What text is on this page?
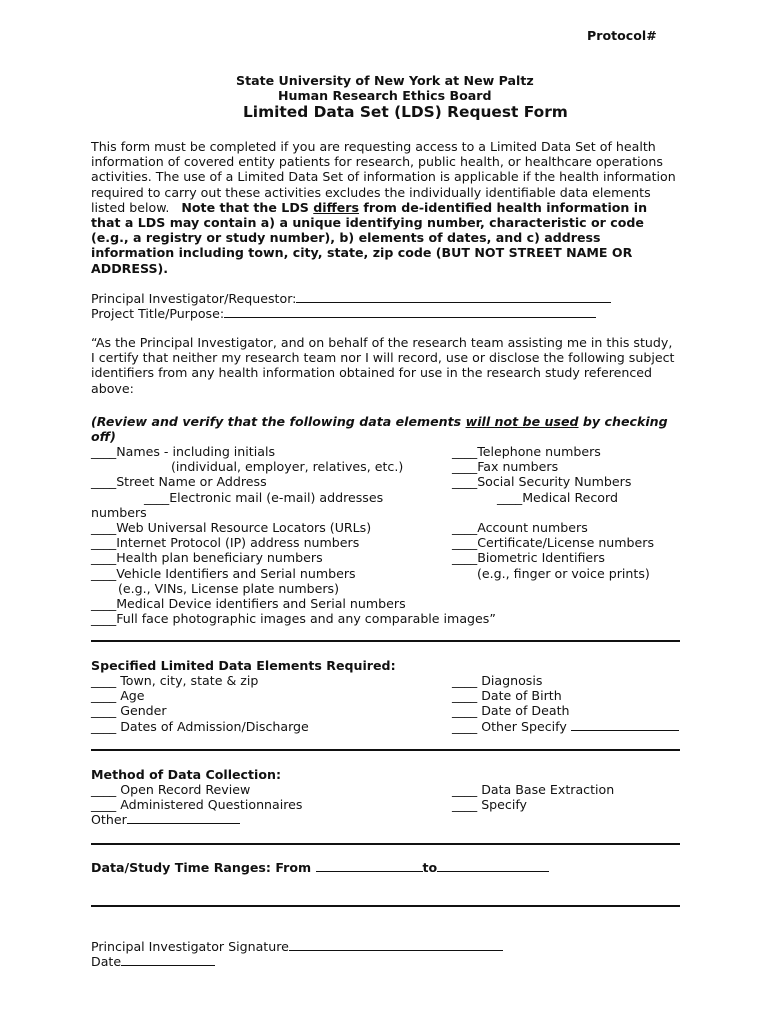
Protocol#
State University of New York at New Paltz
Human Research Ethics Board
Limited Data Set (LDS) Request Form
This form must be completed if you are requesting access to a Limited Data Set of health
information of covered entity patients for research, public health, or healthcare operations
activities. The use of a Limited Data Set of information is applicable if the health information
required to carry out these activities excludes the individually identifiable data elements
listed below. Note that the LDS differs from de-identified health information in
that a LDS may contain a) a unique identifying number, characteristic or code
(e.g., a registry or study number), b) elements of dates, and c) address
information including town, city, state, zip code (BUT NOT STREET NAME OR
ADDRESS).
Principal Investigator/Requestor:
Project Title/Purpose:
“As the Principal Investigator, and on behalf of the research team assisting me in this study,
I certify that neither my research team nor I will record, use or disclose the following subject
identifiers from any health information obtained for use in the research study referenced
above:
(Review and verify that the following data elements will not be used by checking
off)
____Names - including initials
(individual, employer, relatives, etc.)
____Street Name or Address
____Electronic mail (e-mail) addresses
numbers
____Web Universal Resource Locators (URLs)
____Internet Protocol (IP) address numbers
____Health plan beneficiary numbers
____Vehicle Identifiers and Serial numbers
(e.g., VINs, License plate numbers)
____Medical Device identifiers and Serial numbers
____Full face photographic images and any comparable images”
____Telephone numbers
____Fax numbers
____Social Security Numbers
____Medical Record
____Account numbers
____Certificate/License numbers
____Biometric Identifiers
(e.g., finger or voice prints)
Specified Limited Data Elements Required:
____ Town, city, state & zip
____ Age
____ Gender
____ Dates of Admission/Discharge
____ Diagnosis
____ Date of Birth
____ Date of Death
____ Other Specify
Method of Data Collection:
____ Open Record Review
____ Administered Questionnaires
Other
____ Data Base Extraction
____ Specify
Data/Study Time Ranges: From	to
Principal Investigator Signature
Date
